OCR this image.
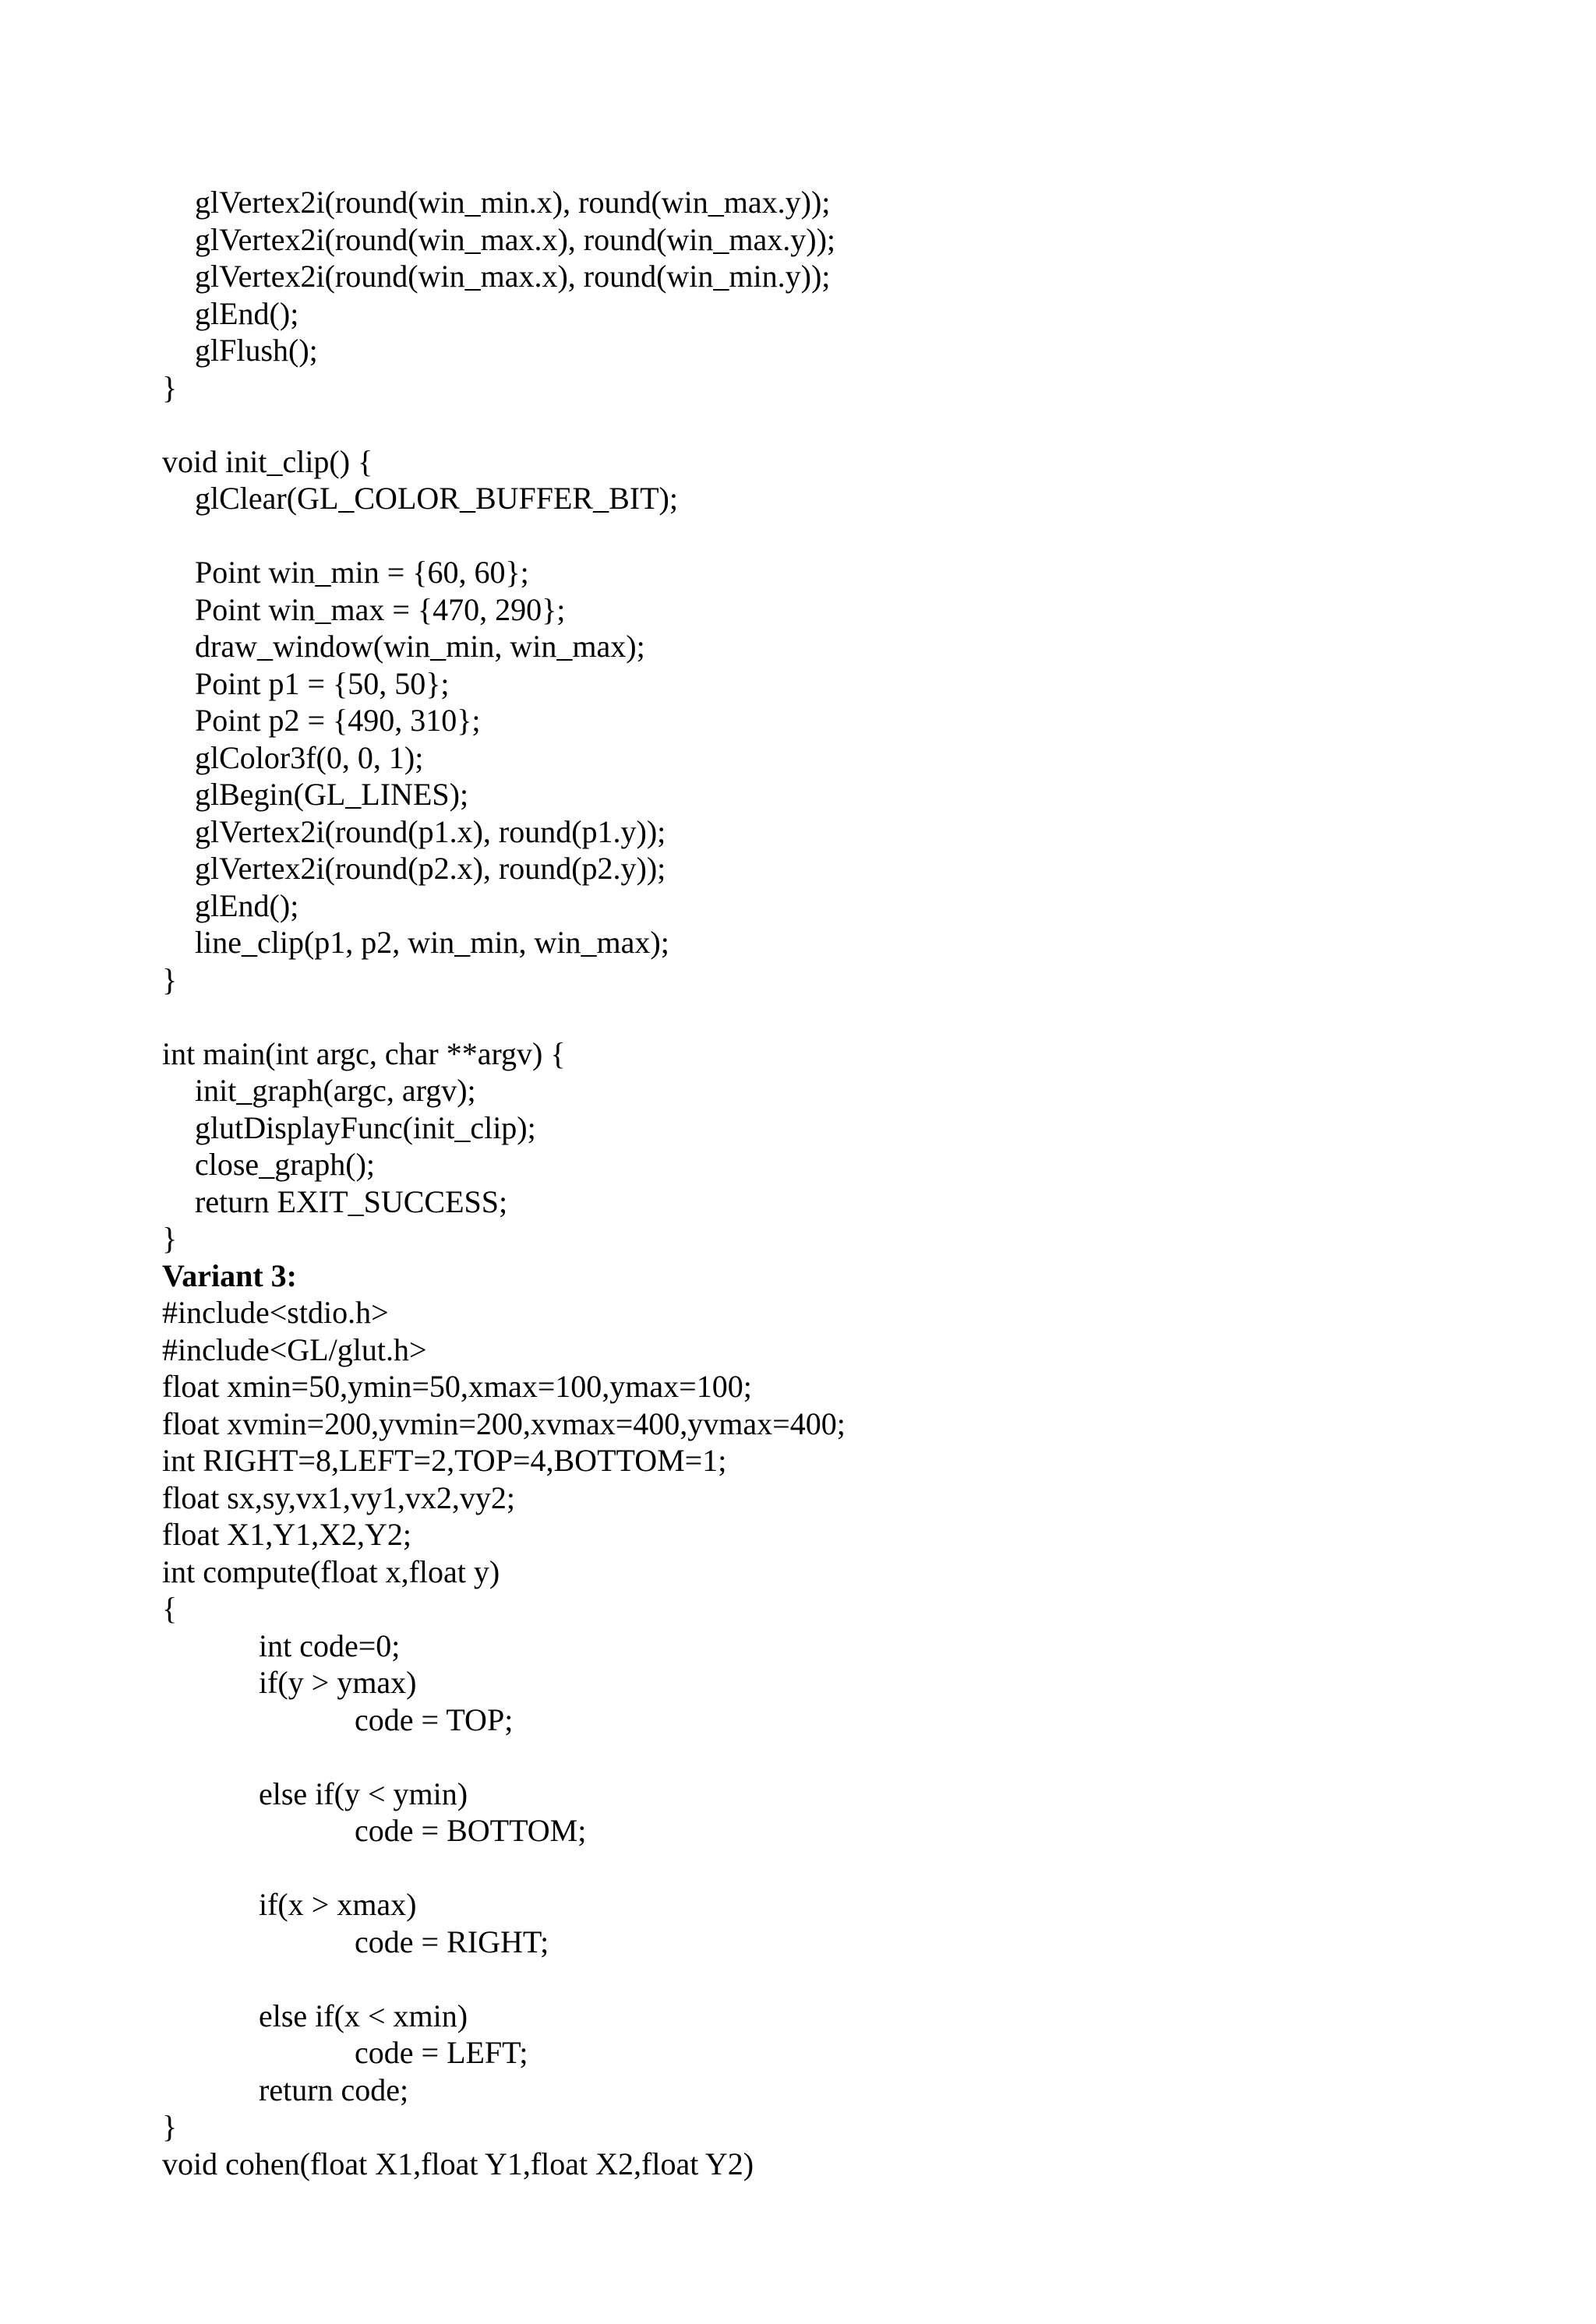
glVertex2i(round(win_min.x), round(win_max.y));
glVertex2i(round(win_max.x), round(win_max.y));
glVertex2i(round(win_max.x), round(win_min.y));
glEnd();
glFlush();
}
void init_clip() {
glClear(GL_COLOR_BUFFER_BIT);
Point win_min = {60, 60};
Point win_max = {470, 290};
draw_window(win_min, win_max);
Point p1 = {50, 50};
Point p2 = {490, 310};
glColor3f(0, 0, 1);
glBegin(GL_LINES);
glVertex2i(round(p1.x), round(p1.y));
glVertex2i(round(p2.x), round(p2.y));
glEnd();
line_clip(p1, p2, win_min, win_max);
}
int main(int argc, char **argv) {
init_graph(argc, argv);
glutDisplayFunc(init_clip);
close_graph();
return EXIT_SUCCESS;
}
Variant 3:
#include<stdio.h>
#include<GL/glut.h>
float xmin=50,ymin=50,xmax=100,ymax=100;
float xvmin=200,yvmin=200,xvmax=400,yvmax=400;
int RIGHT=8,LEFT=2,TOP=4,BOTTOM=1;
float sx,sy,vx1,vy1,vx2,vy2;
float X1,Y1,X2,Y2;
int compute(float x,float y)
{
int code=0;
if(y > ymax)
code = TOP;
else if(y < ymin)
code = BOTTOM;
if(x > xmax)
code = RIGHT;
else if(x < xmin)
code = LEFT;
return code;
}
void cohen(float X1,float Y1,float X2,float Y2)
